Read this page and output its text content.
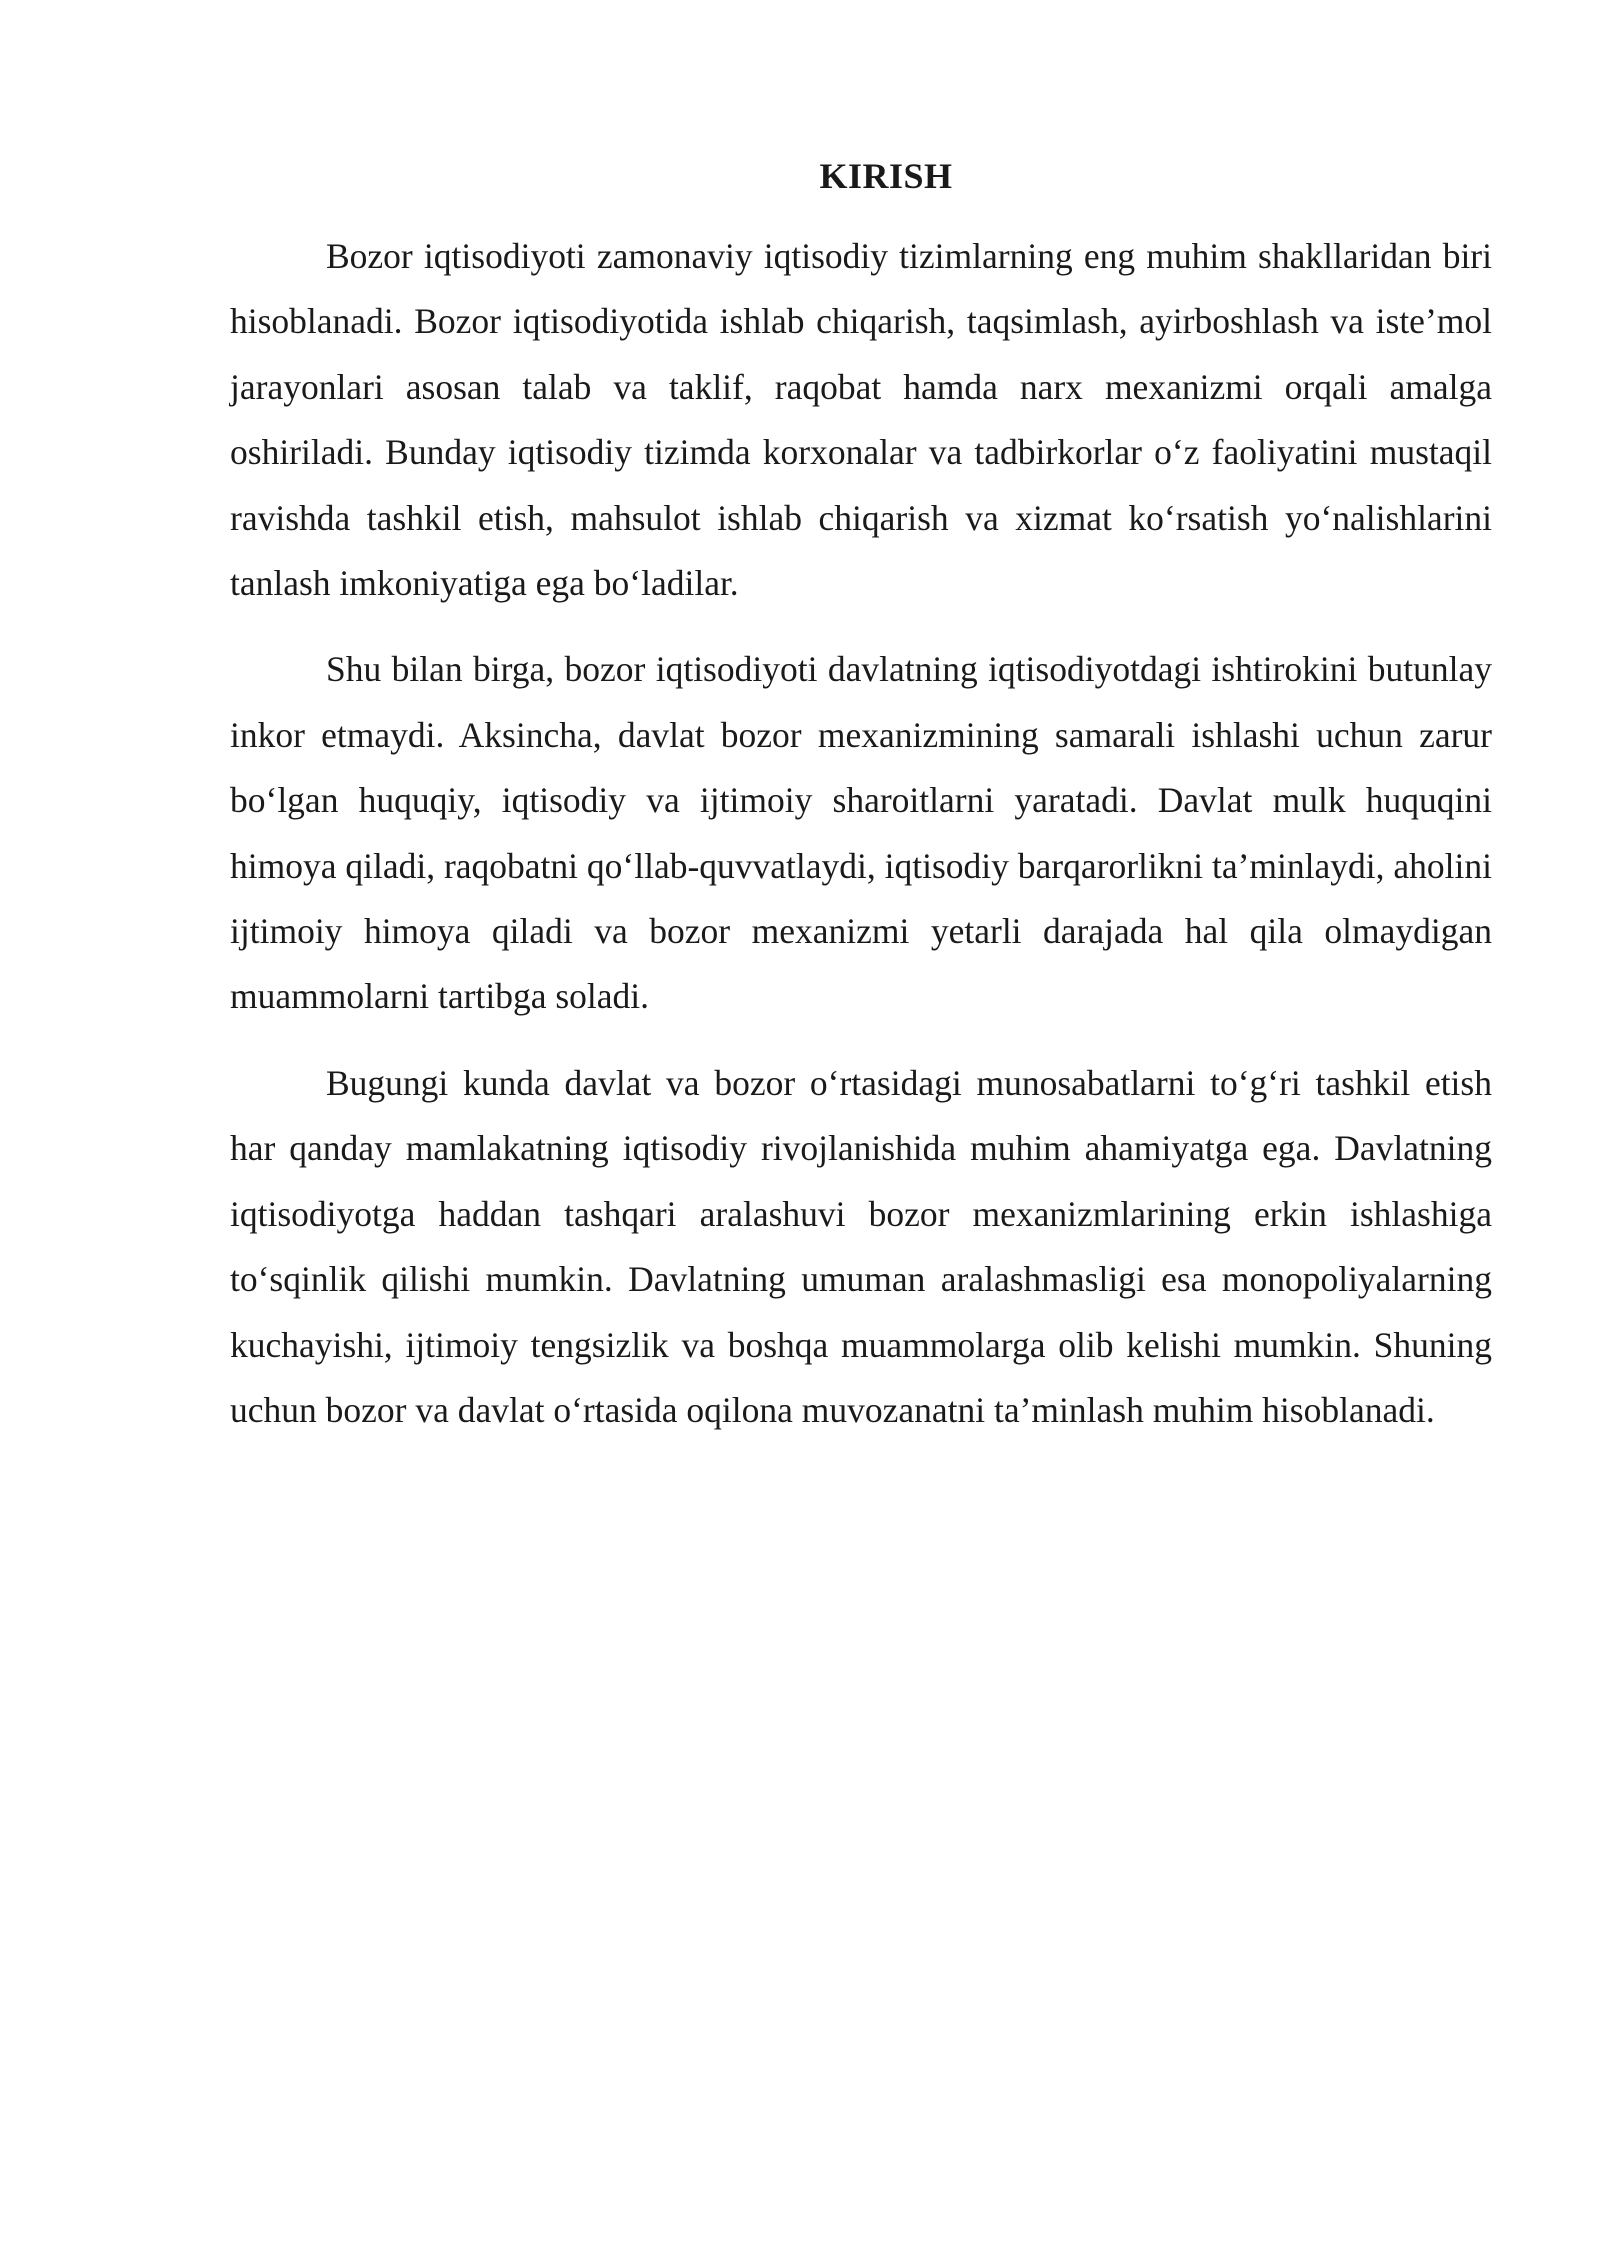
KIRISH

Bozor iqtisodiyoti zamonaviy iqtisodiy tizimlarning eng muhim shakllaridan biri hisoblanadi. Bozor iqtisodiyotida ishlab chiqarish, taqsimlash, ayirboshlash va iste’mol jarayonlari asosan talab va taklif, raqobat hamda narx mexanizmi orqali amalga oshiriladi. Bunday iqtisodiy tizimda korxonalar va tadbirkorlar o‘z faoliyatini mustaqil ravishda tashkil etish, mahsulot ishlab chiqarish va xizmat ko‘rsatish yo‘nalishlarini tanlash imkoniyatiga ega bo‘ladilar.

Shu bilan birga, bozor iqtisodiyoti davlatning iqtisodiyotdagi ishtirokini butunlay inkor etmaydi. Aksincha, davlat bozor mexanizmining samarali ishlashi uchun zarur bo‘lgan huquqiy, iqtisodiy va ijtimoiy sharoitlarni yaratadi. Davlat mulk huquqini himoya qiladi, raqobatni qo‘llab-quvvatlaydi, iqtisodiy barqarorlikni ta’minlaydi, aholini ijtimoiy himoya qiladi va bozor mexanizmi yetarli darajada hal qila olmaydigan muammolarni tartibga soladi.

Bugungi kunda davlat va bozor o‘rtasidagi munosabatlarni to‘g‘ri tashkil etish har qanday mamlakatning iqtisodiy rivojlanishida muhim ahamiyatga ega. Davlatning iqtisodiyotga haddan tashqari aralashuvi bozor mexanizmlarining erkin ishlashiga to‘sqinlik qilishi mumkin. Davlatning umuman aralashmasligi esa monopoliyalarning kuchayishi, ijtimoiy tengsizlik va boshqa muammolarga olib kelishi mumkin. Shuning uchun bozor va davlat o‘rtasida oqilona muvozanatni ta’minlash muhim hisoblanadi.
